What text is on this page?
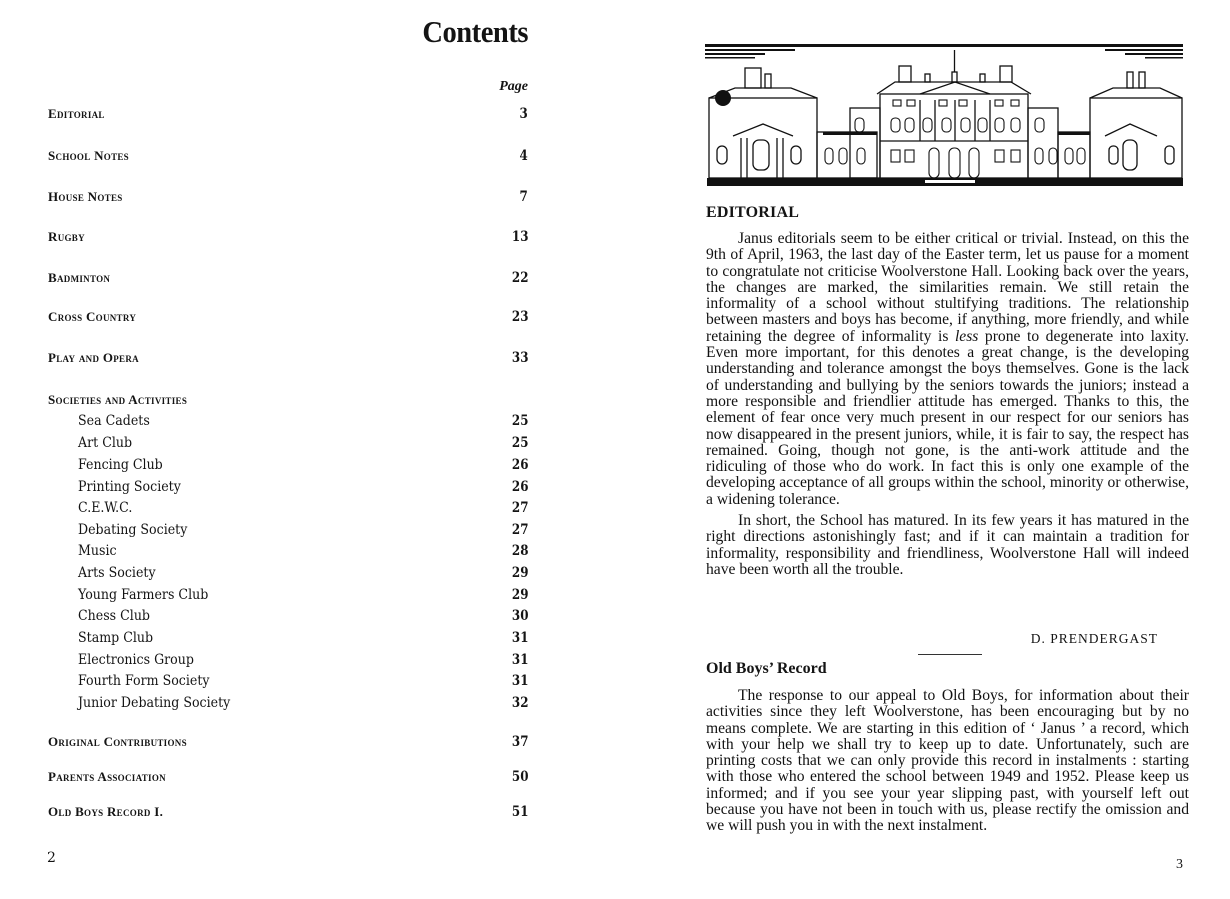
Contents
Page
Editorial	3
School Notes	4
House Notes	7
Rugby	13
Badminton	22
Cross Country	23
Play and Opera	33
Societies and Activities
Sea Cadets	25
Art Club	25
Fencing Club	26
Printing Society	26
C.E.W.C.	27
Debating Society	27
Music	28
Arts Society	29
Young Farmers Club	29
Chess Club	30
Stamp Club	31
Electronics Group	31
Fourth Form Society	31
Junior Debating Society	32
Original Contributions	37
Parents Association	50
Old Boys Record I.	51
2
EDITORIAL

Janus editorials seem to be either critical or trivial. Instead, on this the 9th of April, 1963, the last day of the Easter term, let us pause for a moment to congratulate not criticise Woolverstone Hall. Looking back over the years, the changes are marked, the similarities remain. We still retain the informality of a school without stultifying traditions. The relationship between masters and boys has become, if anything, more friendly, and while retaining the degree of informality is less prone to degenerate into laxity. Even more important, for this denotes a great change, is the developing understanding and tolerance amongst the boys themselves. Gone is the lack of understanding and bullying by the seniors towards the juniors; instead a more responsible and friendlier attitude has emerged. Thanks to this, the element of fear once very much present in our respect for our seniors has now disappeared in the present juniors, while, it is fair to say, the respect has remained. Going, though not gone, is the anti-work attitude and the ridiculing of those who do work. In fact this is only one example of the developing acceptance of all groups within the school, minority or otherwise, a widening tolerance.

In short, the School has matured. In its few years it has matured in the right directions astonishingly fast; and if it can maintain a tradition for informality, responsibility and friendliness, Woolverstone Hall will indeed have been worth all the trouble.

D. PRENDERGAST
Old Boys’ Record

The response to our appeal to Old Boys, for information about their activities since they left Woolverstone, has been encouraging but by no means complete. We are starting in this edition of ‘ Janus ’ a record, which with your help we shall try to keep up to date. Unfortunately, such are printing costs that we can only provide this record in instalments : starting with those who entered the school between 1949 and 1952. Please keep us informed; and if you see your year slipping past, with yourself left out because you have not been in touch with us, please rectify the omission and we will push you in with the next instalment.

3
